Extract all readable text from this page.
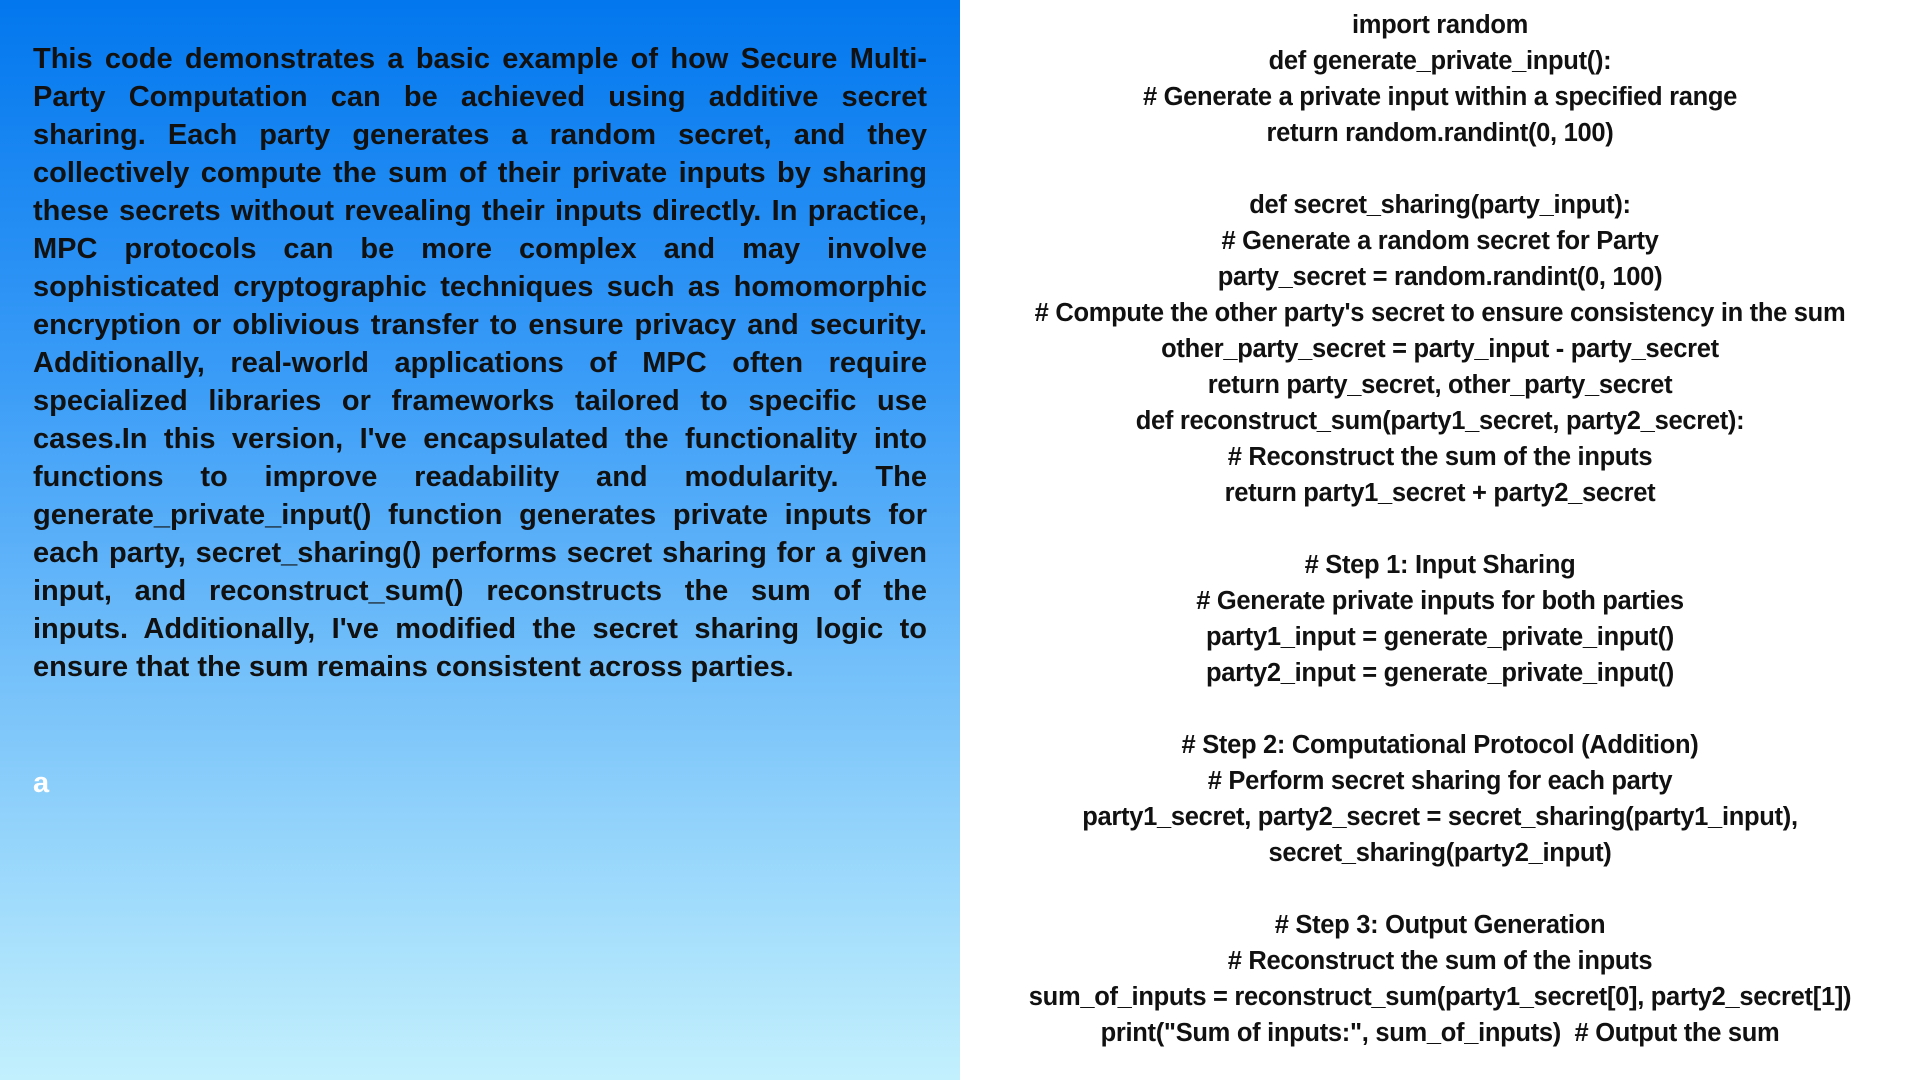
This code demonstrates a basic example of how Secure Multi-Party Computation can be achieved using additive secret sharing. Each party generates a random secret, and they collectively compute the sum of their private inputs by sharing these secrets without revealing their inputs directly. In practice, MPC protocols can be more complex and may involve sophisticated cryptographic techniques such as homomorphic encryption or oblivious transfer to ensure privacy and security. Additionally, real-world applications of MPC often require specialized libraries or frameworks tailored to specific use cases.In this version, I've encapsulated the functionality into functions to improve readability and modularity. The generate_private_input() function generates private inputs for each party, secret_sharing() performs secret sharing for a given input, and reconstruct_sum() reconstructs the sum of the inputs. Additionally, I've modified the secret sharing logic to ensure that the sum remains consistent across parties.

a
import random
def generate_private_input():
# Generate a private input within a specified range
return random.randint(0, 100)
def secret_sharing(party_input):
# Generate a random secret for Party
party_secret = random.randint(0, 100)
# Compute the other party's secret to ensure consistency in the sum
other_party_secret = party_input - party_secret
return party_secret, other_party_secret
def reconstruct_sum(party1_secret, party2_secret):
# Reconstruct the sum of the inputs
return party1_secret + party2_secret
# Step 1: Input Sharing
# Generate private inputs for both parties
party1_input = generate_private_input()
party2_input = generate_private_input()
# Step 2: Computational Protocol (Addition)
# Perform secret sharing for each party
party1_secret, party2_secret = secret_sharing(party1_input),
secret_sharing(party2_input)
# Step 3: Output Generation
# Reconstruct the sum of the inputs
sum_of_inputs = reconstruct_sum(party1_secret[0], party2_secret[1])
print("Sum of inputs:", sum_of_inputs)  # Output the sum
